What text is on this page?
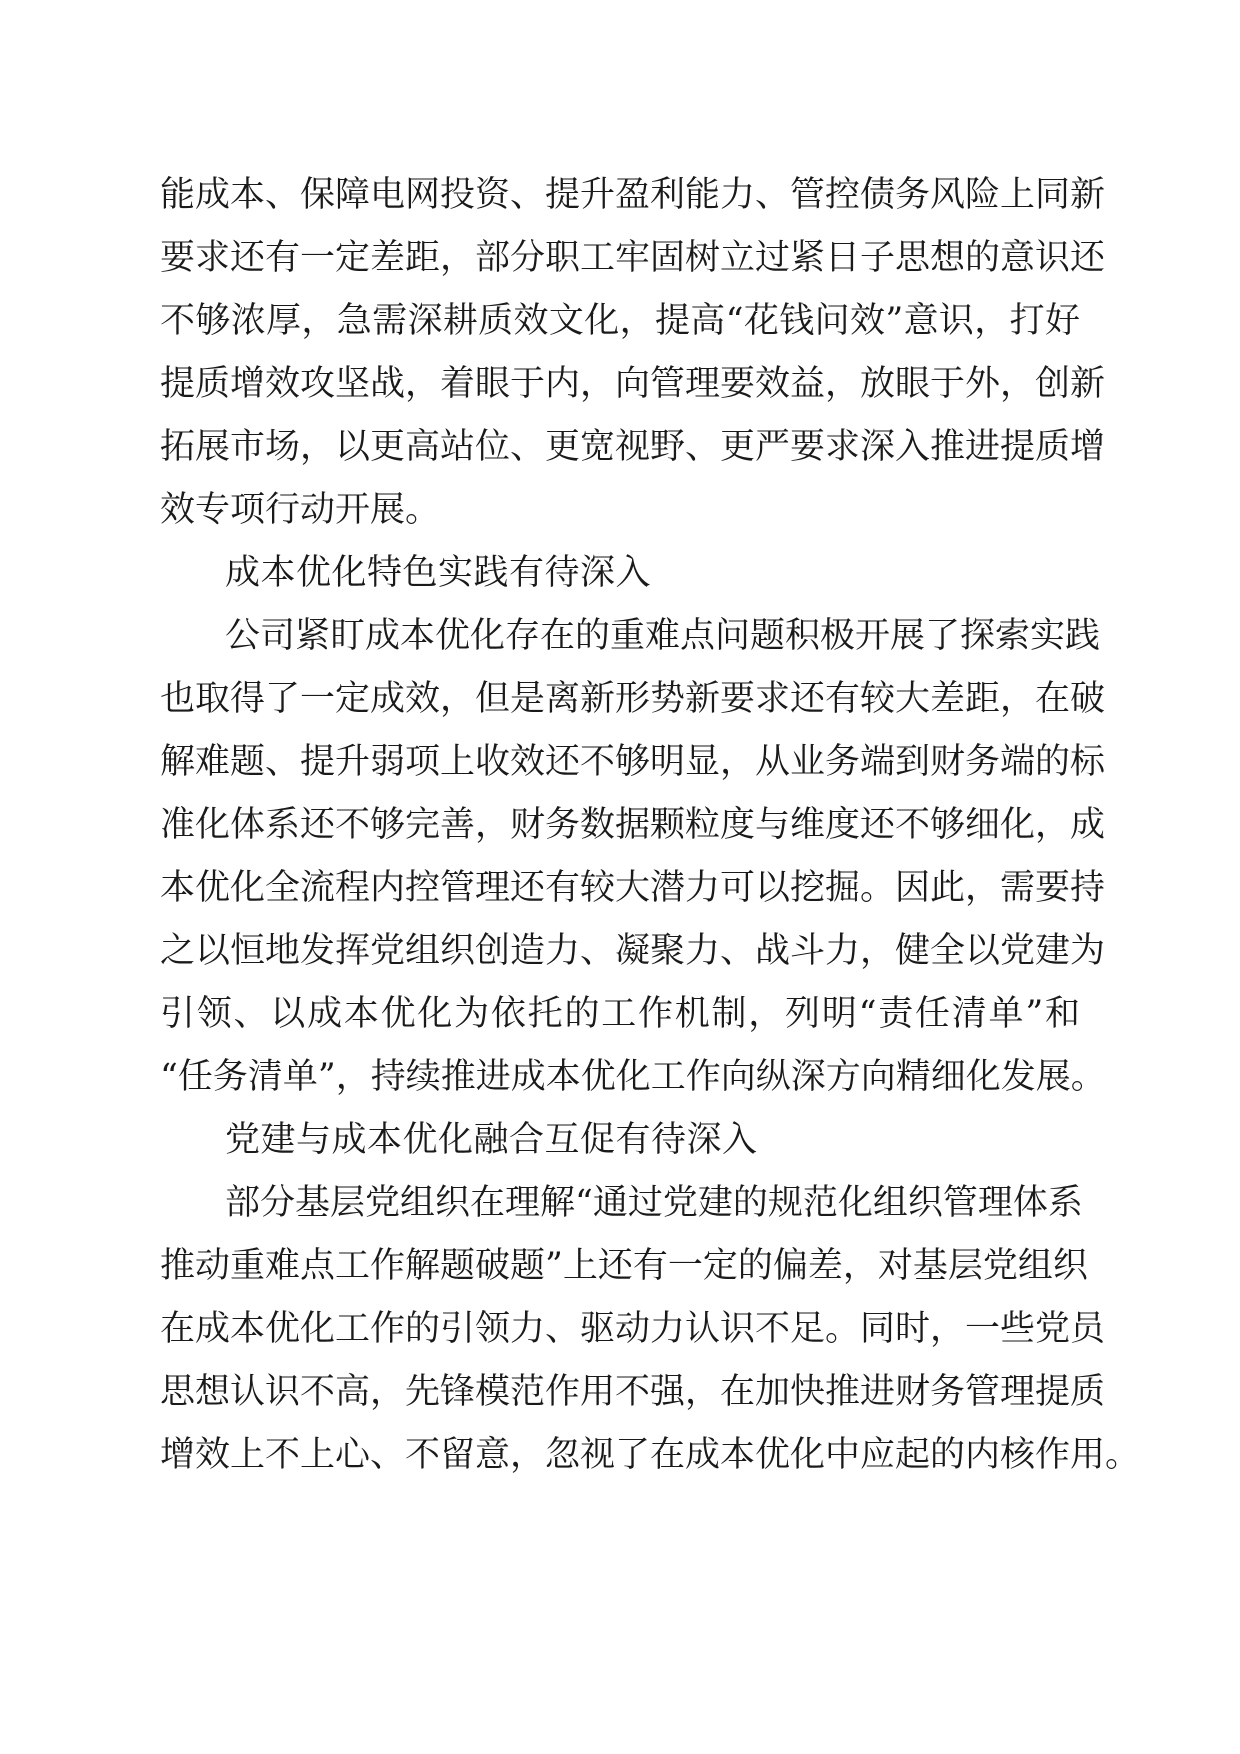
能成本、保障电网投资、提升盈利能力、管控债务风险上同新
要求还有一定差距，部分职工牢固树立过紧日子思想的意识还
不够浓厚，急需深耕质效文化，提高“花钱问效”意识，打好
提质增效攻坚战，着眼于内，向管理要效益，放眼于外，创新
拓展市场，以更高站位、更宽视野、更严要求深入推进提质增
效专项行动开展。
成本优化特色实践有待深入
公司紧盯成本优化存在的重难点问题积极开展了探索实践
也取得了一定成效，但是离新形势新要求还有较大差距，在破
解难题、提升弱项上收效还不够明显，从业务端到财务端的标
准化体系还不够完善，财务数据颗粒度与维度还不够细化，成
本优化全流程内控管理还有较大潜力可以挖掘。因此，需要持
之以恒地发挥党组织创造力、凝聚力、战斗力，健全以党建为
引领、以成本优化为依托的工作机制，列明“责任清单”和
“任务清单”，持续推进成本优化工作向纵深方向精细化发展。
党建与成本优化融合互促有待深入
部分基层党组织在理解“通过党建的规范化组织管理体系
推动重难点工作解题破题”上还有一定的偏差，对基层党组织
在成本优化工作的引领力、驱动力认识不足。同时，一些党员
思想认识不高，先锋模范作用不强，在加快推进财务管理提质
增效上不上心、不留意，忽视了在成本优化中应起的内核作用。
